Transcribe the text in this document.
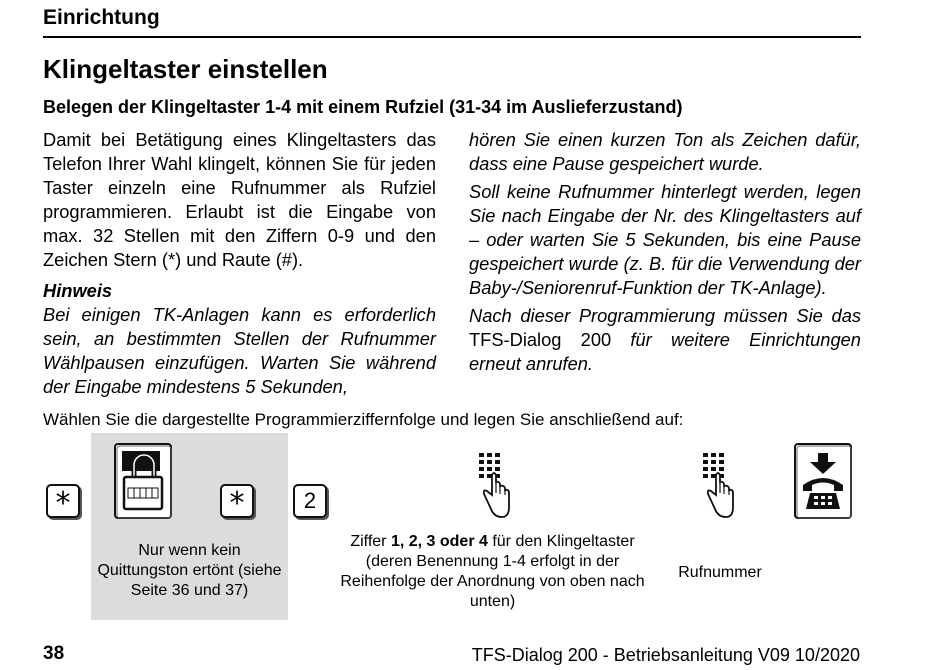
Einrichtung
Klingeltaster einstellen
Belegen der Klingeltaster 1-4 mit einem Rufziel (31-34 im Auslieferzustand)

Damit bei Betätigung eines Klingeltasters das Telefon Ihrer Wahl klingelt, können Sie für jeden Taster einzeln eine Rufnummer als Rufziel programmieren. Erlaubt ist die Eingabe von max. 32 Stellen mit den Ziffern 0-9 und den Zeichen Stern (*) und Raute (#).

Hinweis

Bei einigen TK-Anlagen kann es erforderlich sein, an bestimmten Stellen der Rufnummer Wählpausen einzufügen. Warten Sie während der Eingabe mindestens 5 Sekunden,

hören Sie einen kurzen Ton als Zeichen dafür, dass eine Pause gespeichert wurde.

Soll keine Rufnummer hinterlegt werden, legen Sie nach Eingabe der Nr. des Klingeltasters auf – oder warten Sie 5 Sekunden, bis eine Pause gespeichert wurde (z. B. für die Verwendung der Baby-/Seniorenruf-Funktion der TK-Anlage).

Nach dieser Programmierung müssen Sie das TFS-Dialog 200 für weitere Einrichtungen erneut anrufen.

Wählen Sie die dargestellte Programmierziffernfolge und legen Sie anschließend auf:
*	*	2
Nur wenn kein Quittungston ertönt (siehe Seite 36 und 37)
Ziffer 1, 2, 3 oder 4 für den Klingeltaster (deren Benennung 1-4 erfolgt in der Reihenfolge der Anordnung von oben nach unten)
Rufnummer
38	TFS-Dialog 200 - Betriebsanleitung V09 10/2020
